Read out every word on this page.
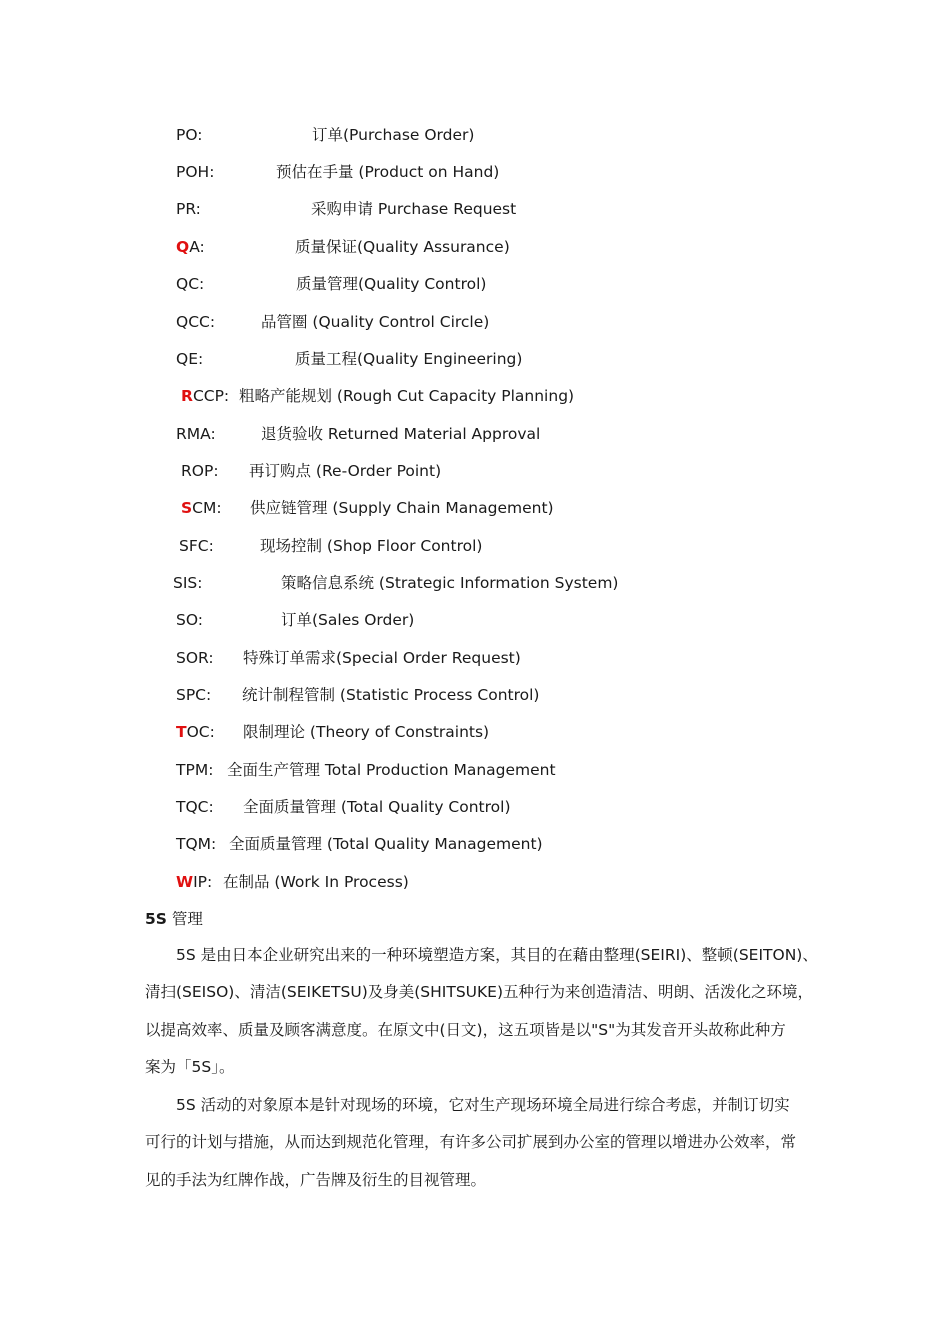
PO:	订单(Purchase Order)
POH:	预估在手量 (Product on Hand)
PR:	采购申请 Purchase Request
QA:	质量保证(Quality Assurance)
QC:	质量管理(Quality Control)
QCC:	品管圈 (Quality Control Circle)
QE:	质量工程(Quality Engineering)
RCCP: 粗略产能规划 (Rough Cut Capacity Planning)
RMA:	退货验收 Returned Material Approval
ROP: 再订购点 (Re-Order Point)
SCM: 供应链管理 (Supply Chain Management)
SFC:	现场控制 (Shop Floor Control)
SIS:	策略信息系统 (Strategic Information System)
SO:	订单(Sales Order)
SOR: 特殊订单需求(Special Order Request)
SPC: 统计制程管制 (Statistic Process Control)
TOC: 限制理论 (Theory of Constraints)
TPM: 全面生产管理 Total Production Management
TQC: 全面质量管理 (Total Quality Control)
TQM: 全面质量管理 (Total Quality Management)
WIP: 在制品 (Work In Process)
5S 管理
　　5S 是由日本企业研究出来的一种环境塑造方案，其目的在藉由整理(SEIRI)、整顿(SEITON)、
清扫(SEISO)、清洁(SEIKETSU)及身美(SHITSUKE)五种行为来创造清洁、明朗、活泼化之环境，
以提高效率、质量及顾客满意度。在原文中(日文)，这五项皆是以"S"为其发音开头故称此种方
案为「5S」。
　　5S 活动的对象原本是针对现场的环境，它对生产现场环境全局进行综合考虑，并制订切实
可行的计划与措施，从而达到规范化管理，有许多公司扩展到办公室的管理以增进办公效率，常
见的手法为红牌作战，广告牌及衍生的目视管理。
